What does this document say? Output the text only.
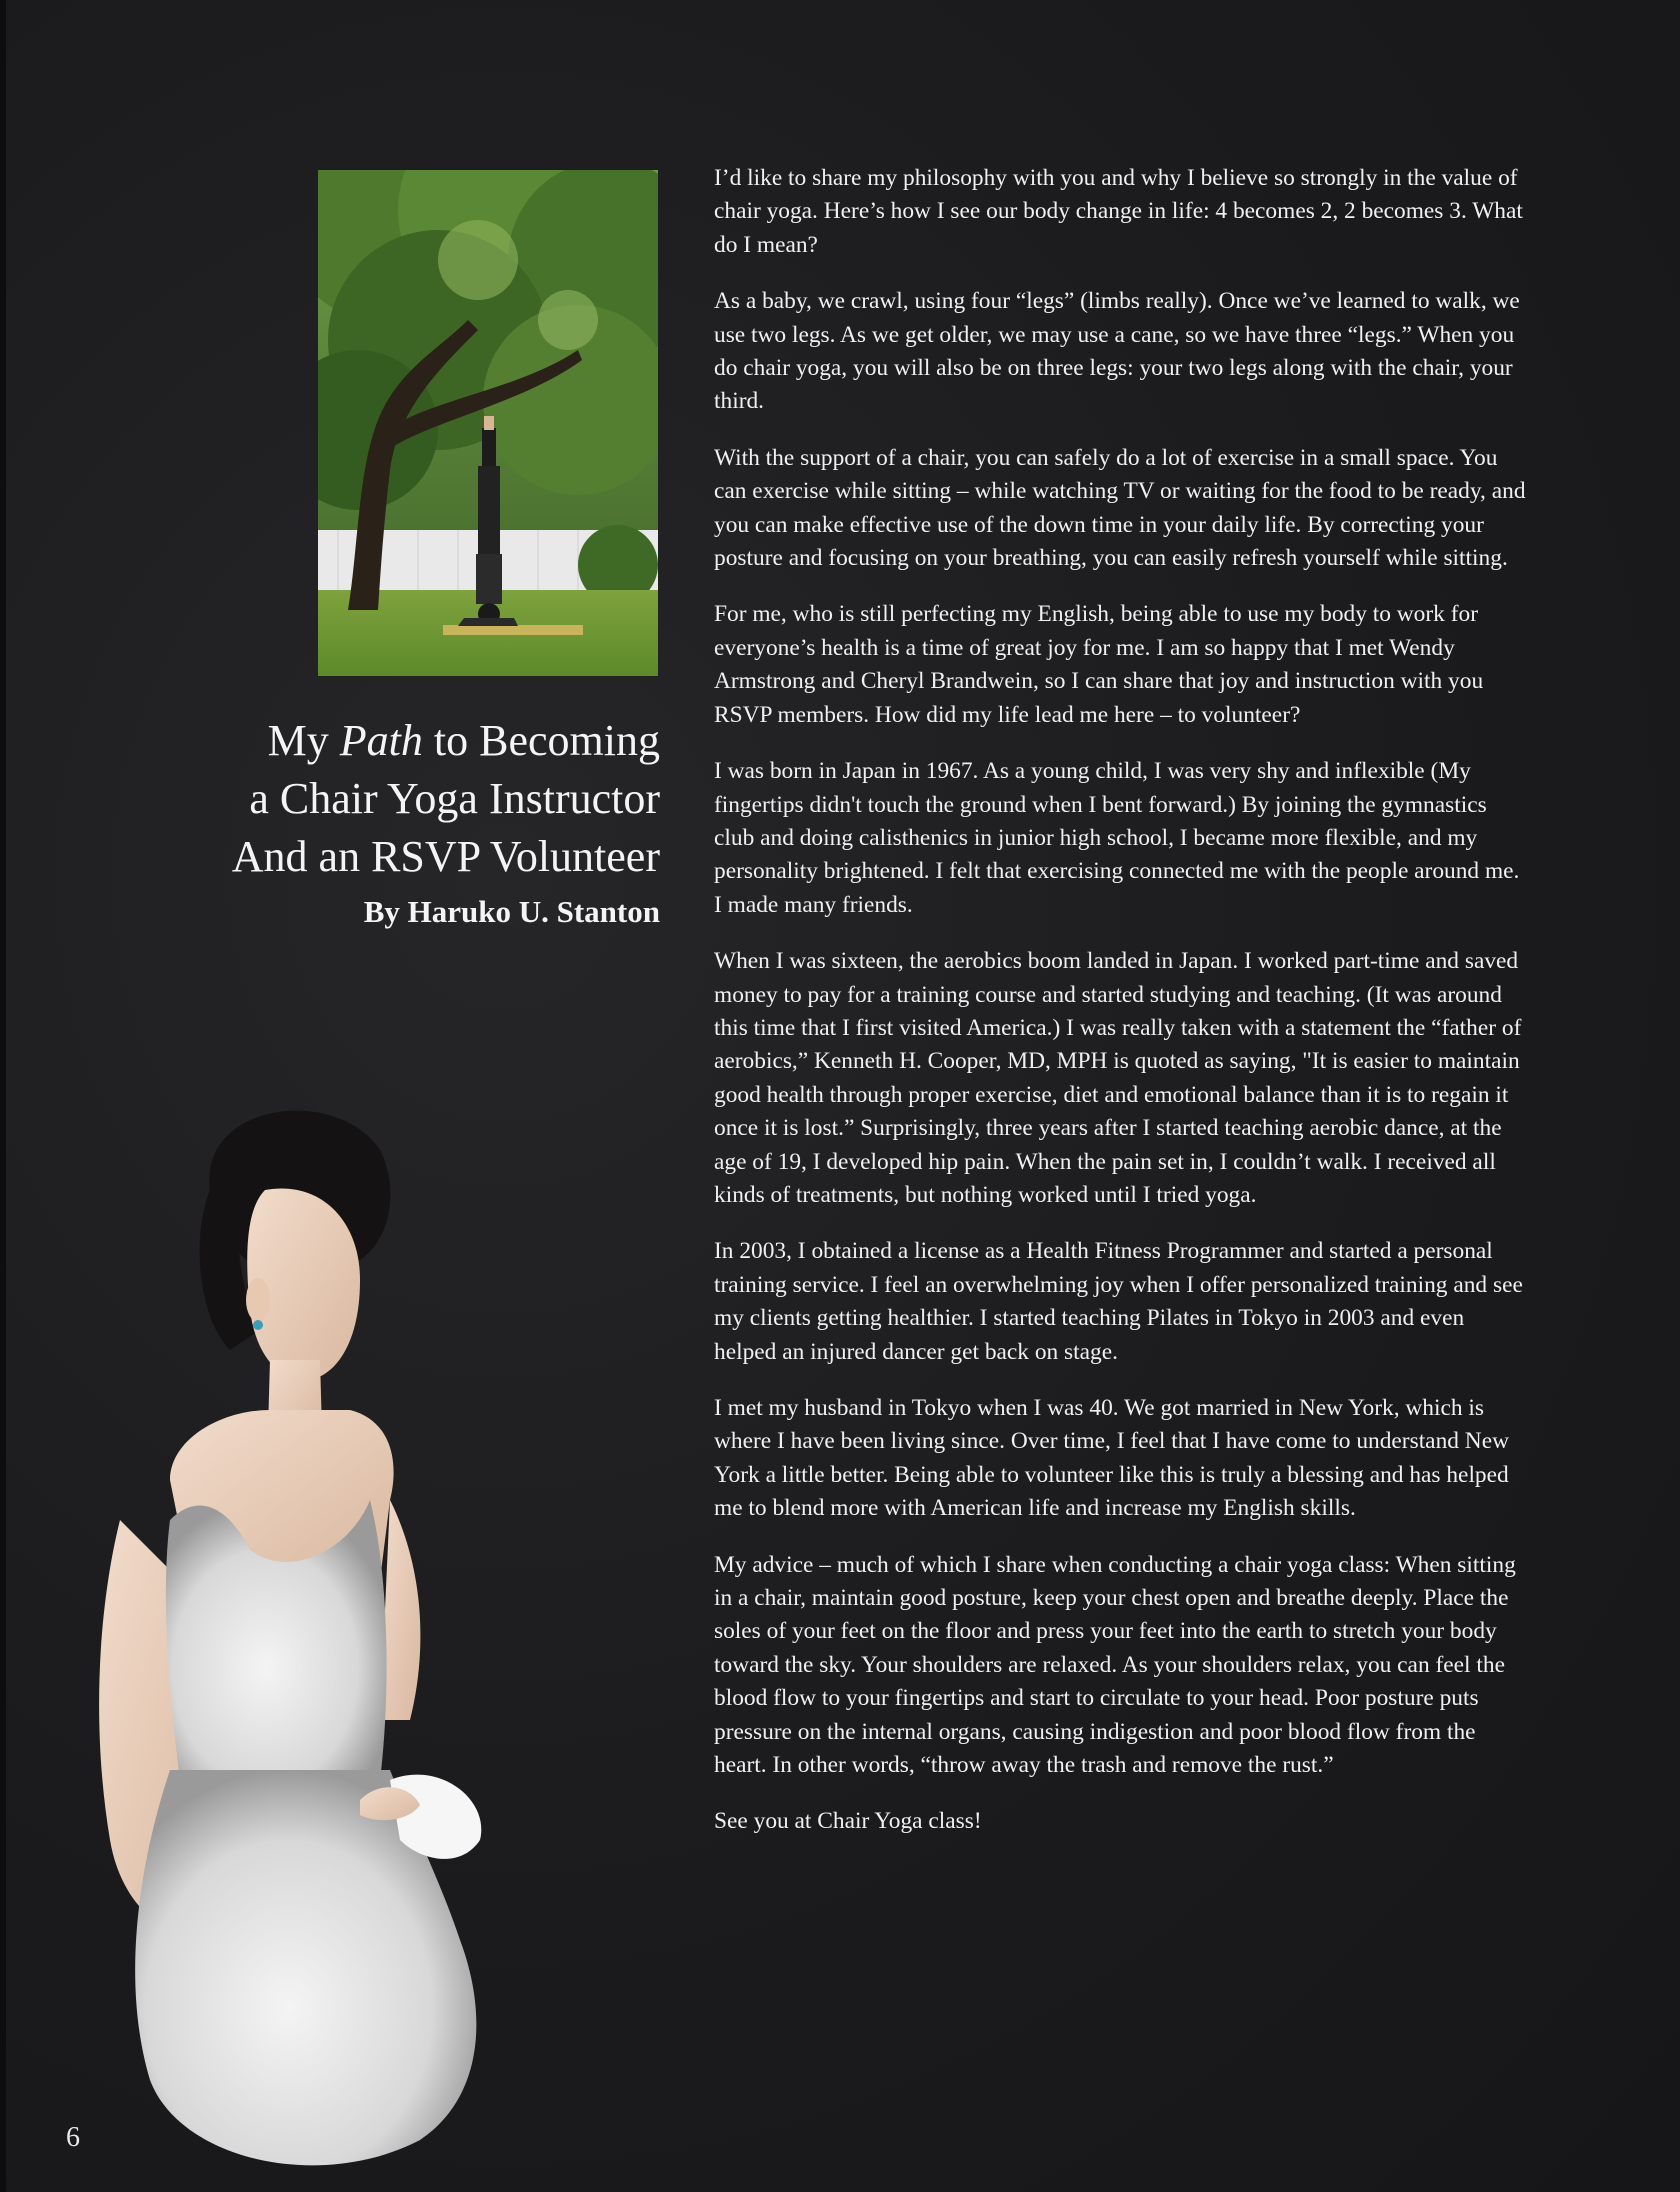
My Path to Becoming
a Chair Yoga Instructor
And an RSVP Volunteer
By Haruko U. Stanton

I’d like to share my philosophy with you and why I believe so strongly in the value of chair yoga. Here’s how I see our body change in life: 4 becomes 2, 2 becomes 3. What do I mean?

As a baby, we crawl, using four “legs” (limbs really). Once we’ve learned to walk, we use two legs. As we get older, we may use a cane, so we have three “legs.” When you do chair yoga, you will also be on three legs: your two legs along with the chair, your third.

With the support of a chair, you can safely do a lot of exercise in a small space. You can exercise while sitting – while watching TV or waiting for the food to be ready, and you can make effective use of the down time in your daily life. By correcting your posture and focusing on your breathing, you can easily refresh yourself while sitting.

For me, who is still perfecting my English, being able to use my body to work for everyone’s health is a time of great joy for me. I am so happy that I met Wendy Armstrong and Cheryl Brandwein, so I can share that joy and instruction with you RSVP members. How did my life lead me here – to volunteer?

I was born in Japan in 1967. As a young child, I was very shy and inflexible (My fingertips didn't touch the ground when I bent forward.) By joining the gymnastics club and doing calisthenics in junior high school, I became more flexible, and my personality brightened. I felt that exercising connected me with the people around me. I made many friends.

When I was sixteen, the aerobics boom landed in Japan. I worked part-time and saved money to pay for a training course and started studying and teaching. (It was around this time that I first visited America.) I was really taken with a statement the “father of aerobics,” Kenneth H. Cooper, MD, MPH is quoted as saying, "It is easier to maintain good health through proper exercise, diet and emotional balance than it is to regain it once it is lost.” Surprisingly, three years after I started teaching aerobic dance, at the age of 19, I developed hip pain. When the pain set in, I couldn’t walk. I received all kinds of treatments, but nothing worked until I tried yoga.

In 2003, I obtained a license as a Health Fitness Programmer and started a personal training service. I feel an overwhelming joy when I offer personalized training and see my clients getting healthier. I started teaching Pilates in Tokyo in 2003 and even helped an injured dancer get back on stage.

I met my husband in Tokyo when I was 40. We got married in New York, which is where I have been living since. Over time, I feel that I have come to understand New York a little better. Being able to volunteer like this is truly a blessing and has helped me to blend more with American life and increase my English skills.

My advice – much of which I share when conducting a chair yoga class: When sitting in a chair, maintain good posture, keep your chest open and breathe deeply. Place the soles of your feet on the floor and press your feet into the earth to stretch your body toward the sky. Your shoulders are relaxed. As your shoulders relax, you can feel the blood flow to your fingertips and start to circulate to your head. Poor posture puts pressure on the internal organs, causing indigestion and poor blood flow from the heart. In other words, “throw away the trash and remove the rust.”

See you at Chair Yoga class!

6
